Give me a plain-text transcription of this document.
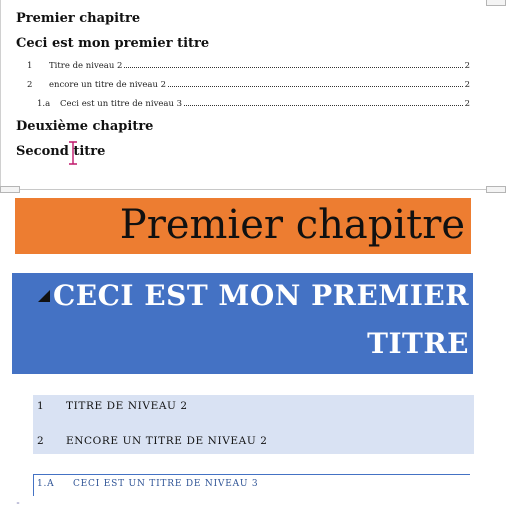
Premier chapitre
Ceci est mon premier titre
1	Titre de niveau 2	2
2	encore un titre de niveau 2	2
1.a	Ceci est un titre de niveau 3	2
Deuxième chapitre
Second titre
Premier chapitre
CECI EST MON PREMIER
TITRE
1 TITRE DE NIVEAU 2
2 ENCORE UN TITRE DE NIVEAU 2
1.A CECI EST UN TITRE DE NIVEAU 3
¨
